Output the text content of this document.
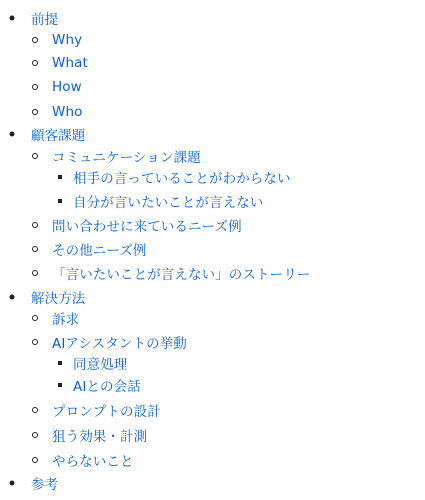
前提
Why
What
How
Who
顧客課題
コミュニケーション課題
相手の言っていることがわからない
自分が言いたいことが言えない
問い合わせに来ているニーズ例
その他ニーズ例
「言いたいことが言えない」のストーリー
解決方法
訴求
AIアシスタントの挙動
同意処理
AIとの会話
プロンプトの設計
狙う効果・計測
やらないこと
参考
